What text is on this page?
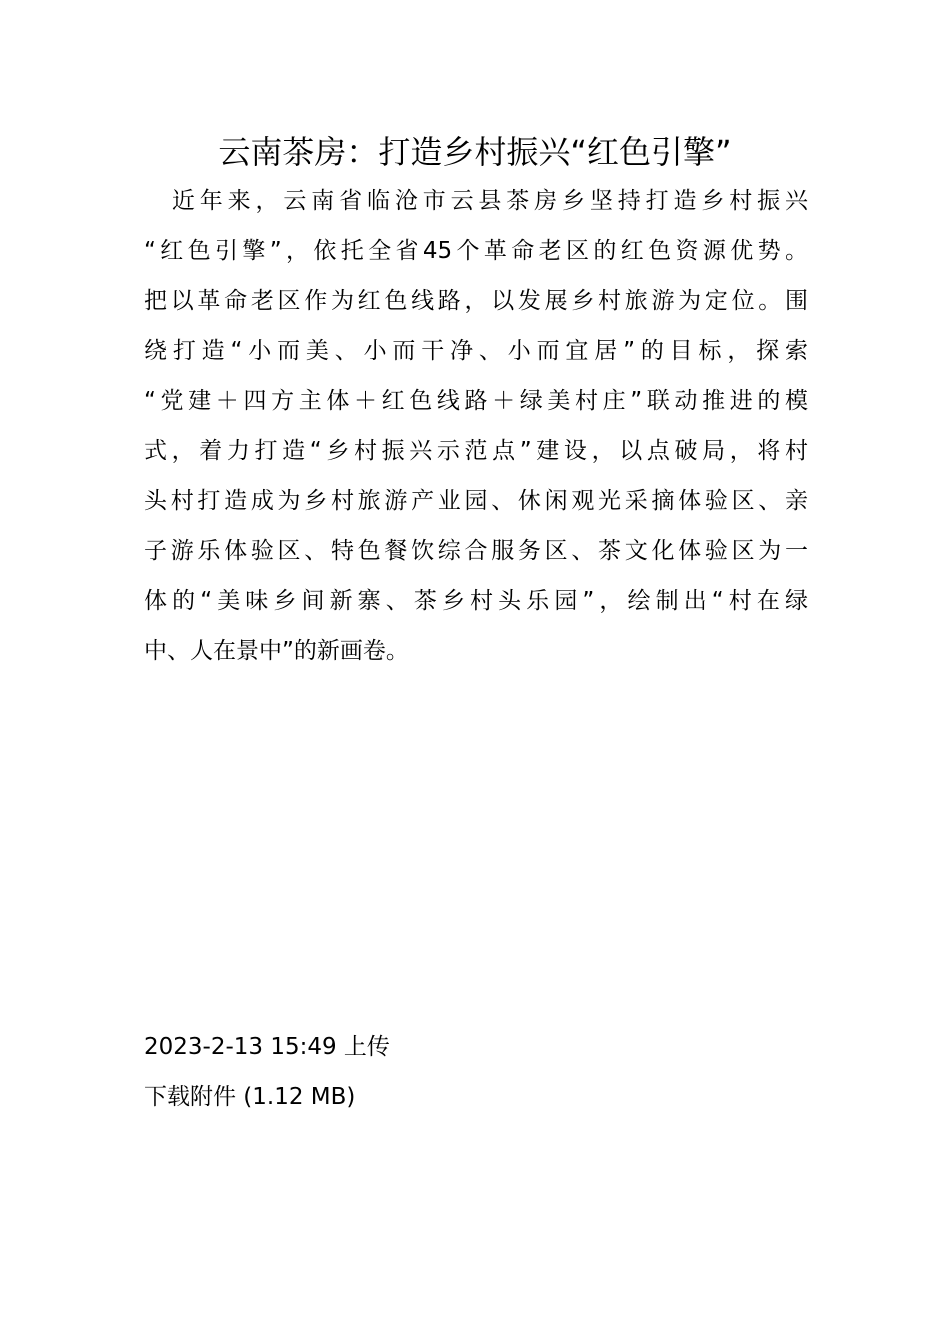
云南茶房：打造乡村振兴“红色引擎”
　近年来，云南省临沧市云县茶房乡坚持打造乡村振兴
“红色引擎”，依托全省45个革命老区的红色资源优势。
把以革命老区作为红色线路，以发展乡村旅游为定位。围
绕打造“小而美、小而干净、小而宜居”的目标，探索
“党建＋四方主体＋红色线路＋绿美村庄”联动推进的模
式，着力打造“乡村振兴示范点”建设，以点破局，将村
头村打造成为乡村旅游产业园、休闲观光采摘体验区、亲
子游乐体验区、特色餐饮综合服务区、茶文化体验区为一
体的“美味乡间新寨、茶乡村头乐园”，绘制出“村在绿
中、人在景中”的新画卷。
2023-2-13 15:49 上传
下载附件 (1.12 MB)
